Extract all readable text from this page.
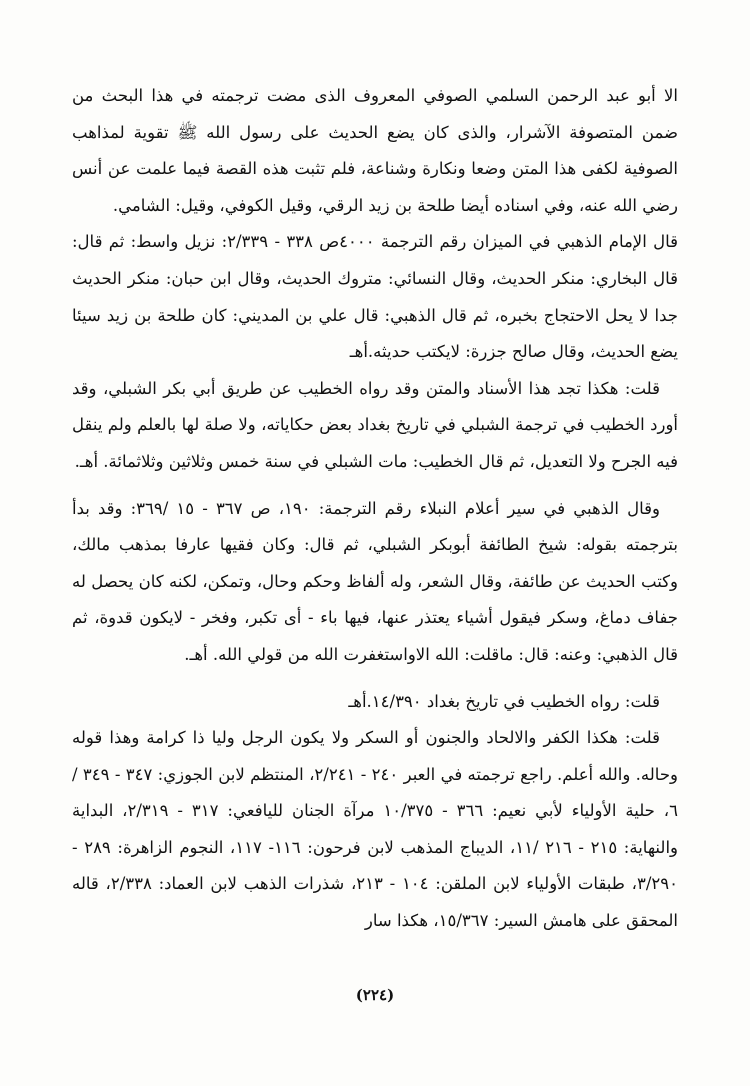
الا أبو عبد الرحمن السلمي الصوفي المعروف الذى مضت ترجمته في هذا البحث من ضمن المتصوفة الآشرار، والذى كان يضع الحديث على رسول الله ﷺ تقوية لمذاهب الصوفية لكفى هذا المتن وضعا ونكارة وشناعة، فلم تثبت هذه القصة فيما علمت عن أنس رضي الله عنه، وفي اسناده أيضا طلحة بن زيد الرقي، وقيل الكوفي، وقيل: الشامي.

قال الإمام الذهبي في الميزان رقم الترجمة ٤٠٠٠ص ٣٣٨ - ٢/٣٣٩: نزيل واسط: ثم قال: قال البخاري: منكر الحديث، وقال النسائي: متروك الحديث، وقال ابن حبان: منكر الحديث جدا لا يحل الاحتجاج بخبره، ثم قال الذهبي: قال علي بن المديني: كان طلحة بن زيد سيئا يضع الحديث، وقال صالح جزرة: لايكتب حديثه.أهـ

قلت: هكذا تجد هذا الأسناد والمتن وقد رواه الخطيب عن طريق أبي بكر الشبلي، وقد أورد الخطيب في ترجمة الشبلي في تاريخ بغداد بعض حكاياته، ولا صلة لها بالعلم ولم ينقل فيه الجرح ولا التعديل، ثم قال الخطيب: مات الشبلي في سنة خمس وثلاثين وثلاثمائة. أهـ.

وقال الذهبي في سير أعلام النبلاء رقم الترجمة: ١٩٠، ص ٣٦٧ - ١٥ /٣٦٩: وقد بدأ بترجمته بقوله: شيخ الطائفة أبوبكر الشبلي، ثم قال: وكان فقيها عارفا بمذهب مالك، وكتب الحديث عن طائفة، وقال الشعر، وله ألفاظ وحكم وحال، وتمكن، لكنه كان يحصل له جفاف دماغ، وسكر فيقول أشياء يعتذر عنها، فيها باء - أى تكبر، وفخر - لايكون قدوة، ثم قال الذهبي: وعنه: قال: ماقلت: الله الاواستغفرت الله من قولي الله. أهـ.

قلت: رواه الخطيب في تاريخ بغداد ١٤/٣٩٠.أهـ

قلت: هكذا الكفر والالحاد والجنون أو السكر ولا يكون الرجل وليا ذا كرامة وهذا قوله وحاله. والله أعلم. راجع ترجمته في العبر ٢٤٠ - ٢/٢٤١، المنتظم لابن الجوزي: ٣٤٧ - ٣٤٩ /٦، حلية الأولياء لأبي نعيم: ٣٦٦ - ١٠/٣٧٥ مرآة الجنان لليافعي: ٣١٧ - ٢/٣١٩، البداية والنهاية: ٢١٥ - ٢١٦ /١١، الديباج المذهب لابن فرحون: ١١٦- ١١٧، النجوم الزاهرة: ٢٨٩ - ٣/٢٩٠، طبقات الأولياء لابن الملقن: ١٠٤ - ٢١٣، شذرات الذهب لابن العماد: ٢/٣٣٨، قاله المحقق على هامش السير: ١٥/٣٦٧، هكذا سار

(٢٢٤)
